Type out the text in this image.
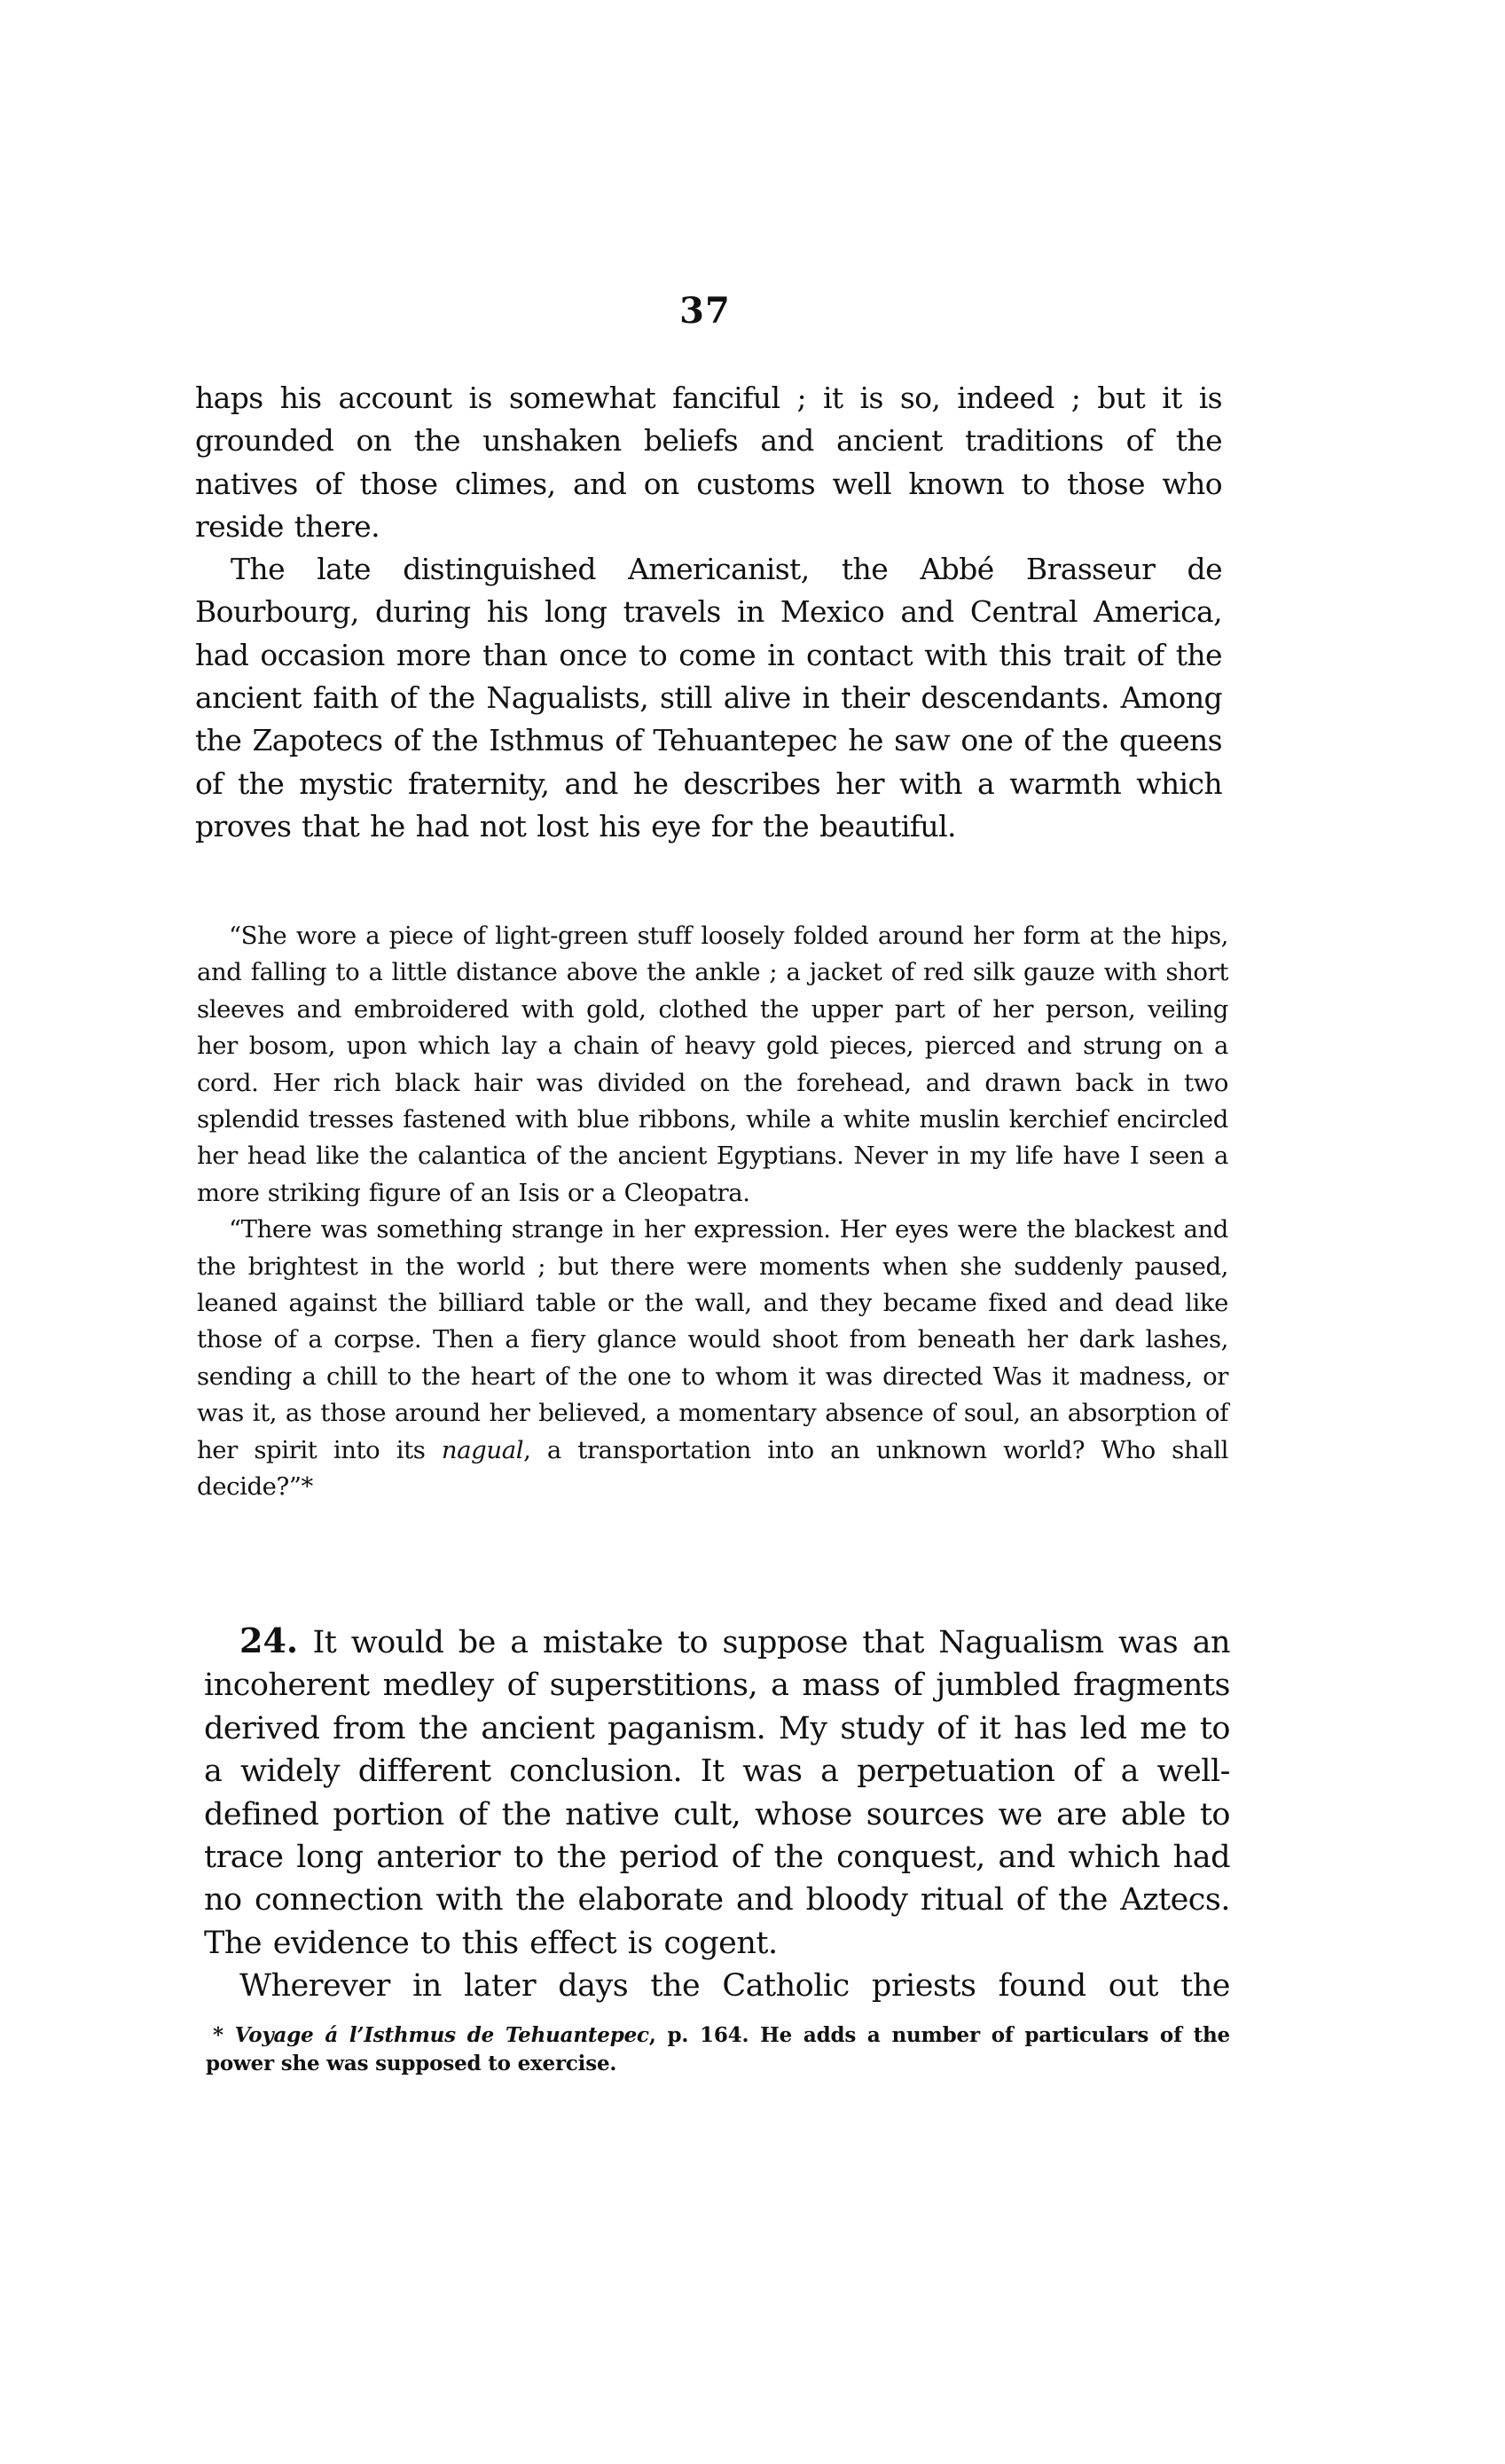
37

haps his account is somewhat fanciful ; it is so, indeed ; but it is grounded on the unshaken beliefs and ancient traditions of the natives of those climes, and on customs well known to those who reside there.

The late distinguished Americanist, the Abbé Brasseur de Bourbourg, during his long travels in Mexico and Central America, had occasion more than once to come in contact with this trait of the ancient faith of the Nagualists, still alive in their descendants. Among the Zapotecs of the Isthmus of Tehuantepec he saw one of the queens of the mystic fraternity, and he describes her with a warmth which proves that he had not lost his eye for the beautiful.

“She wore a piece of light-green stuff loosely folded around her form at the hips, and falling to a little distance above the ankle ; a jacket of red silk gauze with short sleeves and embroidered with gold, clothed the upper part of her person, veiling her bosom, upon which lay a chain of heavy gold pieces, pierced and strung on a cord. Her rich black hair was divided on the forehead, and drawn back in two splendid tresses fastened with blue ribbons, while a white muslin kerchief encircled her head like the calantica of the ancient Egyptians. Never in my life have I seen a more striking figure of an Isis or a Cleopatra.

“There was something strange in her expression. Her eyes were the blackest and the brightest in the world ; but there were moments when she suddenly paused, leaned against the billiard table or the wall, and they became fixed and dead like those of a corpse. Then a fiery glance would shoot from beneath her dark lashes, sending a chill to the heart of the one to whom it was directed Was it madness, or was it, as those around her believed, a momentary absence of soul, an absorption of her spirit into its nagual, a transportation into an unknown world? Who shall decide?”*

24. It would be a mistake to suppose that Nagualism was an incoherent medley of superstitions, a mass of jumbled fragments derived from the ancient paganism. My study of it has led me to a widely different conclusion. It was a perpetuation of a well-defined portion of the native cult, whose sources we are able to trace long anterior to the period of the conquest, and which had no connection with the elaborate and bloody ritual of the Aztecs. The evidence to this effect is cogent.

Wherever in later days the Catholic priests found out the

* Voyage á l’Isthmus de Tehuantepec, p. 164. He adds a number of particulars of the power she was supposed to exercise.
